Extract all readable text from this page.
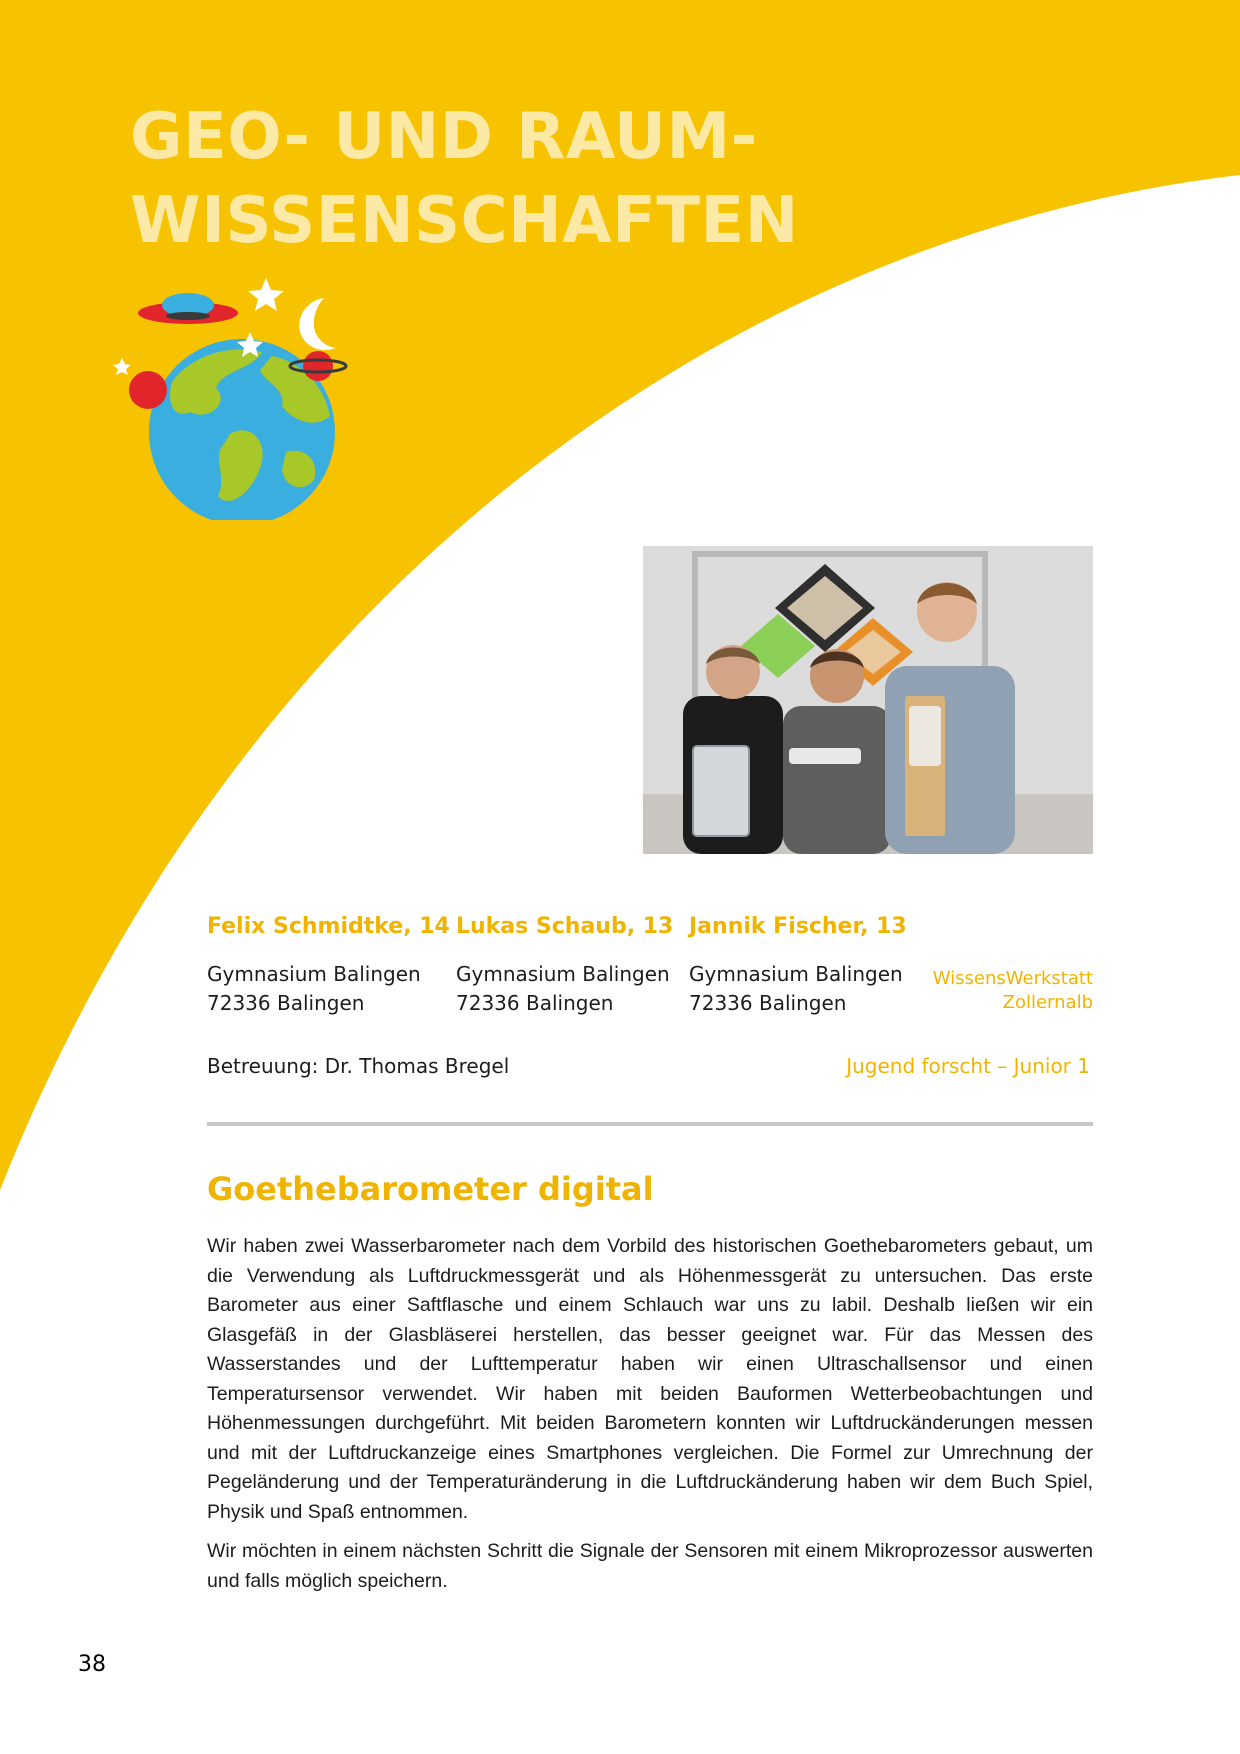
GEO- UND RAUM-
WISSENSCHAFTEN
Felix Schmidtke, 14 Lukas Schaub, 13 Jannik Fischer, 13
Gymnasium Balingen
72336 Balingen
Gymnasium Balingen
72336 Balingen
Gymnasium Balingen
72336 Balingen
WissensWerkstatt
Zollernalb
Betreuung: Dr. Thomas Bregel	Jugend forscht – Junior 1
Goethebarometer digital

Wir haben zwei Wasserbarometer nach dem Vorbild des historischen Goethebarometers gebaut, um die Verwendung als Luftdruckmessgerät und als Höhenmessgerät zu untersuchen. Das erste Barometer aus einer Saftflasche und einem Schlauch war uns zu labil. Deshalb ließen wir ein Glasgefäß in der Glasbläserei herstellen, das besser geeignet war. Für das Messen des Wasserstandes und der Lufttemperatur haben wir einen Ultraschallsensor und einen Temperatursensor verwendet. Wir haben mit beiden Bauformen Wetterbeobachtungen und Höhenmessungen durchgeführt. Mit beiden Barometern konnten wir Luftdruckänderungen messen und mit der Luftdruckanzeige eines Smartphones vergleichen. Die Formel zur Umrechnung der Pegeländerung und der Temperaturänderung in die Luftdruckänderung haben wir dem Buch Spiel, Physik und Spaß entnommen.

Wir möchten in einem nächsten Schritt die Signale der Sensoren mit einem Mikroprozessor auswerten und falls möglich speichern.

38
